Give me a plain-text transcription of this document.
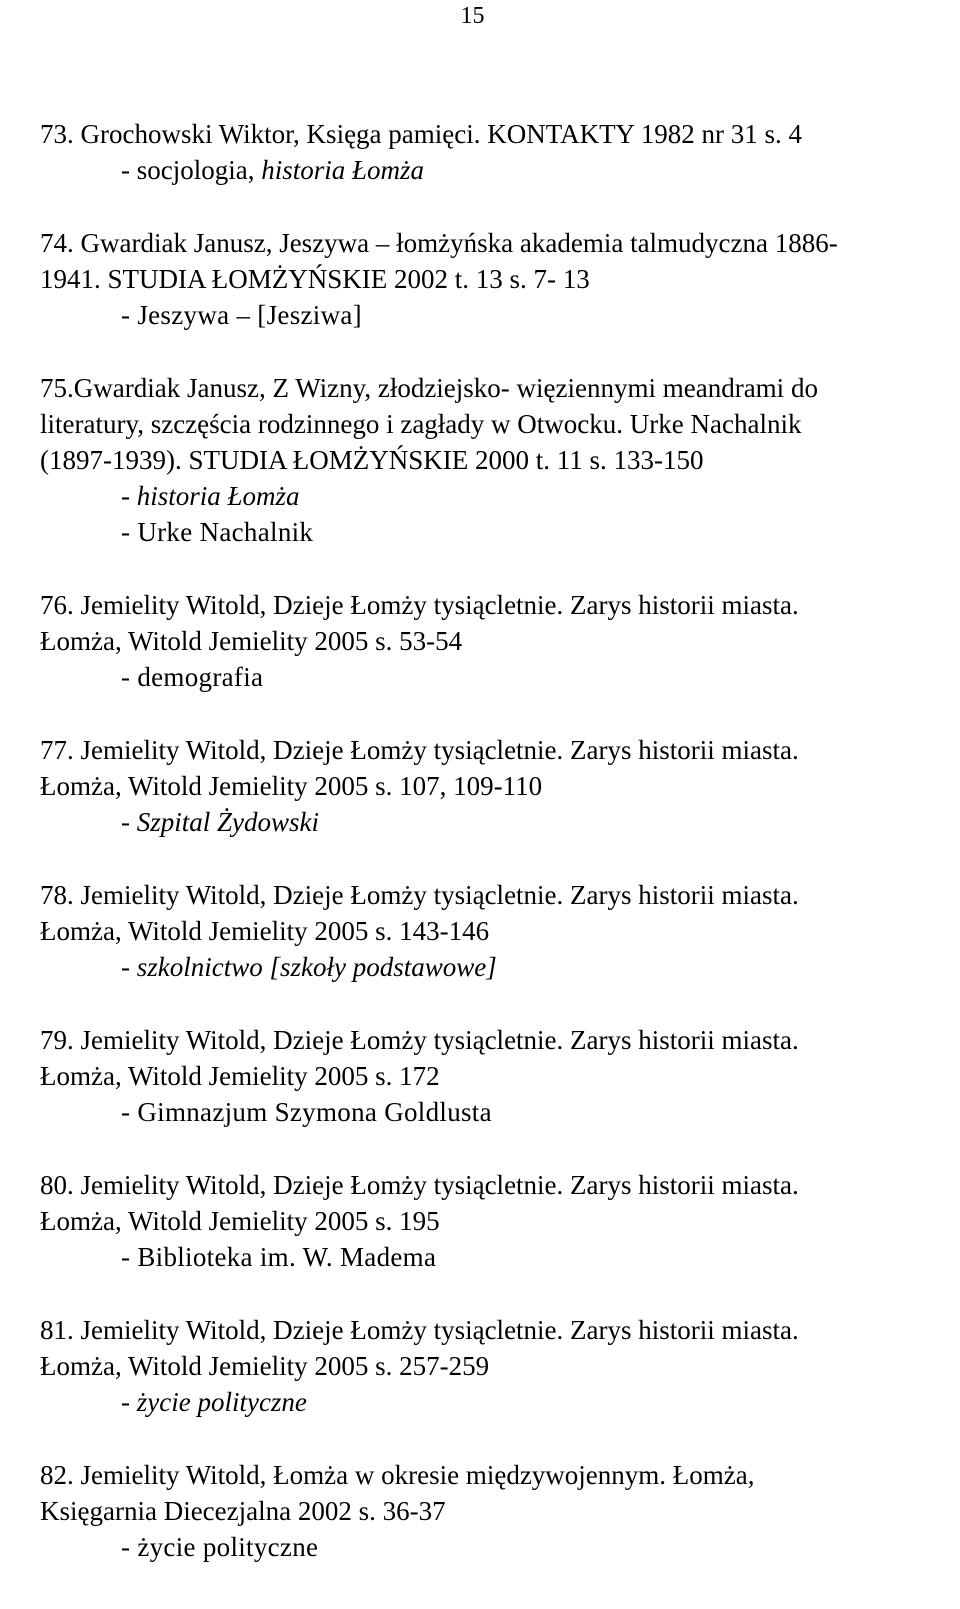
15
73. Grochowski Wiktor, Księga pamięci. KONTAKTY 1982 nr 31 s. 4
- socjologia, historia Łomża
74. Gwardiak Janusz, Jeszywa – łomżyńska akademia talmudyczna 1886-
1941. STUDIA ŁOMŻYŃSKIE 2002 t. 13 s. 7- 13
- Jeszywa – [Jesziwa]
75.Gwardiak Janusz, Z Wizny, złodziejsko- więziennymi meandrami do
literatury, szczęścia rodzinnego i zagłady w Otwocku. Urke Nachalnik
(1897-1939). STUDIA ŁOMŻYŃSKIE 2000 t. 11 s. 133-150
- historia Łomża
- Urke Nachalnik
76. Jemielity Witold, Dzieje Łomży tysiącletnie. Zarys historii miasta.
Łomża, Witold Jemielity 2005 s. 53-54
- demografia
77. Jemielity Witold, Dzieje Łomży tysiącletnie. Zarys historii miasta.
Łomża, Witold Jemielity 2005 s. 107, 109-110
- Szpital Żydowski
78. Jemielity Witold, Dzieje Łomży tysiącletnie. Zarys historii miasta.
Łomża, Witold Jemielity 2005 s. 143-146
- szkolnictwo [szkoły podstawowe]
79. Jemielity Witold, Dzieje Łomży tysiącletnie. Zarys historii miasta.
Łomża, Witold Jemielity 2005 s. 172
- Gimnazjum Szymona Goldlusta
80. Jemielity Witold, Dzieje Łomży tysiącletnie. Zarys historii miasta.
Łomża, Witold Jemielity 2005 s. 195
- Biblioteka im. W. Madema
81. Jemielity Witold, Dzieje Łomży tysiącletnie. Zarys historii miasta.
Łomża, Witold Jemielity 2005 s. 257-259
- życie polityczne
82. Jemielity Witold, Łomża w okresie międzywojennym. Łomża,
Księgarnia Diecezjalna 2002 s. 36-37
- życie polityczne
